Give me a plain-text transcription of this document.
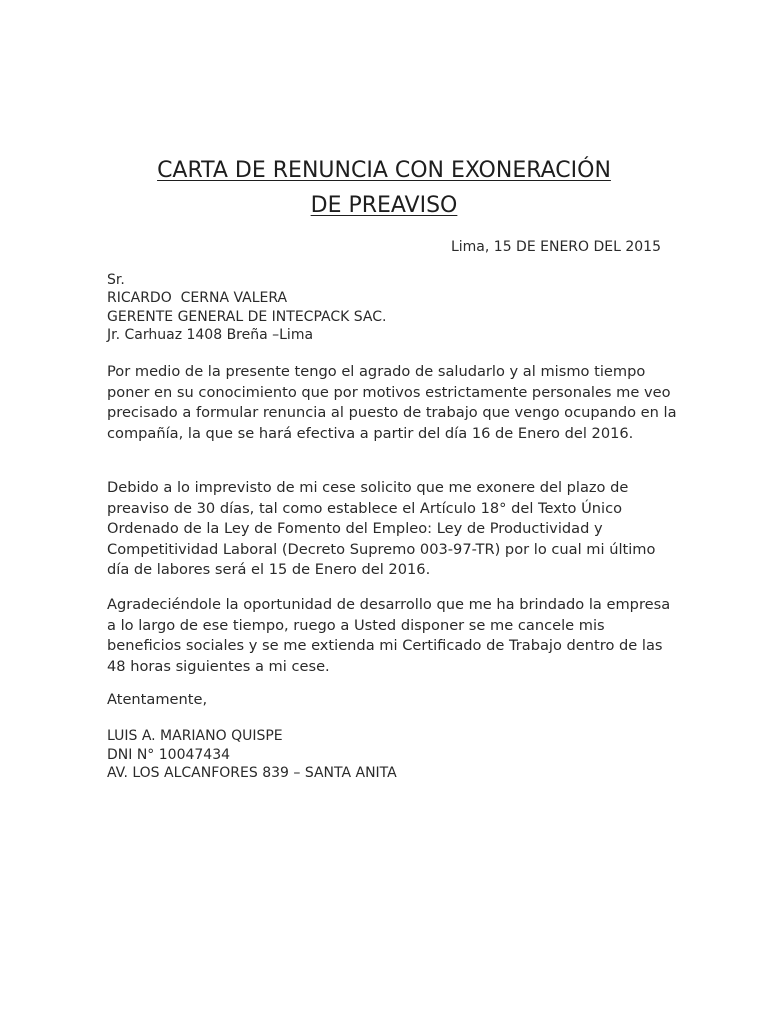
CARTA DE RENUNCIA CON EXONERACIÓN
DE PREAVISO
Lima, 15 DE ENERO DEL 2015
Sr.
RICARDO  CERNA VALERA
GERENTE GENERAL DE INTECPACK SAC.
Jr. Carhuaz 1408 Breña –Lima

Por medio de la presente tengo el agrado de saludarlo y al mismo tiempo poner en su conocimiento que por motivos estrictamente personales me veo precisado a formular renuncia al puesto de trabajo que vengo ocupando en la compañía, la que se hará efectiva a partir del día 16 de Enero del 2016.

Debido a lo imprevisto de mi cese solicito que me exonere del plazo de preaviso de 30 días, tal como establece el Artículo 18° del Texto Único Ordenado de la Ley de Fomento del Empleo: Ley de Productividad y Competitividad Laboral (Decreto Supremo 003-97-TR) por lo cual mi último día de labores será el 15 de Enero del 2016.

Agradeciéndole la oportunidad de desarrollo que me ha brindado la empresa a lo largo de ese tiempo, ruego a Usted disponer se me cancele mis beneficios sociales y se me extienda mi Certificado de Trabajo dentro de las 48 horas siguientes a mi cese.

Atentamente,
LUIS A. MARIANO QUISPE
DNI N° 10047434
AV. LOS ALCANFORES 839 – SANTA ANITA
